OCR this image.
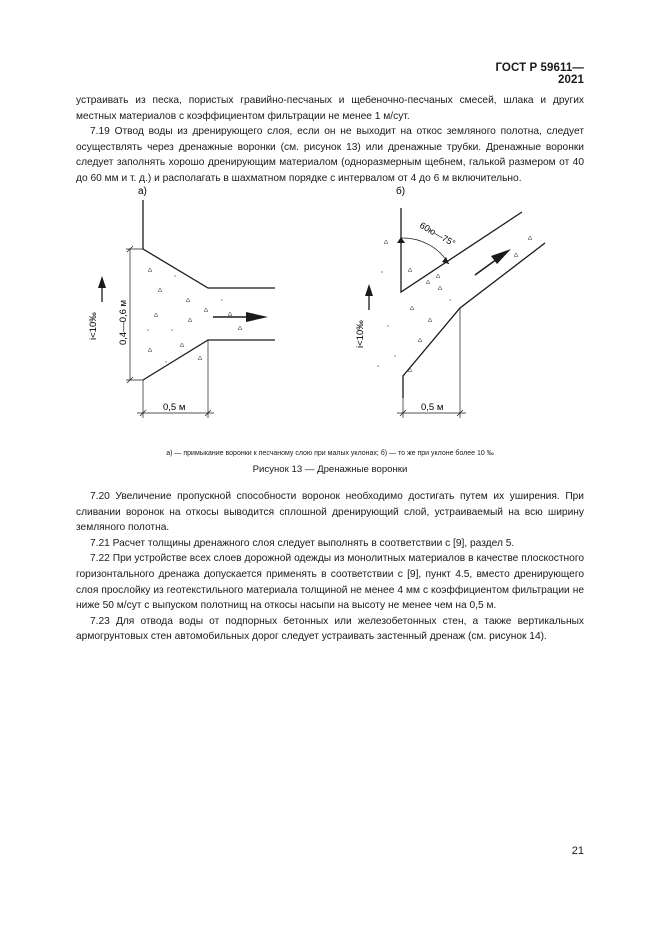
ГОСТ Р 59611—2021

устраивать из песка, пористых гравийно-песчаных и щебеночно-песчаных смесей, шлака и других местных материалов с коэффициентом фильтрации не менее 1 м/сут.

7.19 Отвод воды из дренирующего слоя, если он не выходит на откос земляного полотна, следует осуществлять через дренажные воронки (см. рисунок 13) или дренажные трубки. Дренажные воронки следует заполнять хорошо дренирующим материалом (одноразмерным щебнем, галькой размером от 40 до 60 мм и т. д.) и располагать в шахматном порядке с интервалом от 4 до 6 м включительно.

а)
i<10‰ 0,4—0,6 м
0,5 м
б)
i<10‰
60ю—75°
0,5 м
а) — примыкание воронки к песчаному слою при малых уклонах; б) — то же при уклоне более 10 ‰
Рисунок 13 — Дренажные воронки

7.20 Увеличение пропускной способности воронок необходимо достигать путем их уширения. При сливании воронок на откосы выводится сплошной дренирующий слой, устраиваемый на всю ширину земляного полотна.

7.21 Расчет толщины дренажного слоя следует выполнять в соответствии с [9], раздел 5.

7.22 При устройстве всех слоев дорожной одежды из монолитных материалов в качестве плоскостного горизонтального дренажа допускается применять в соответствии с [9], пункт 4.5, вместо дренирующего слоя прослойку из геотекстильного материала толщиной не менее 4 мм с коэффициентом фильтрации не ниже 50 м/сут с выпуском полотнищ на откосы насыпи на высоту не менее чем на 0,5 м.

7.23 Для отвода воды от подпорных бетонных или железобетонных стен, а также вертикальных армогрунтовых стен автомобильных дорог следует устраивать застенный дренаж (см. рисунок 14).

21
